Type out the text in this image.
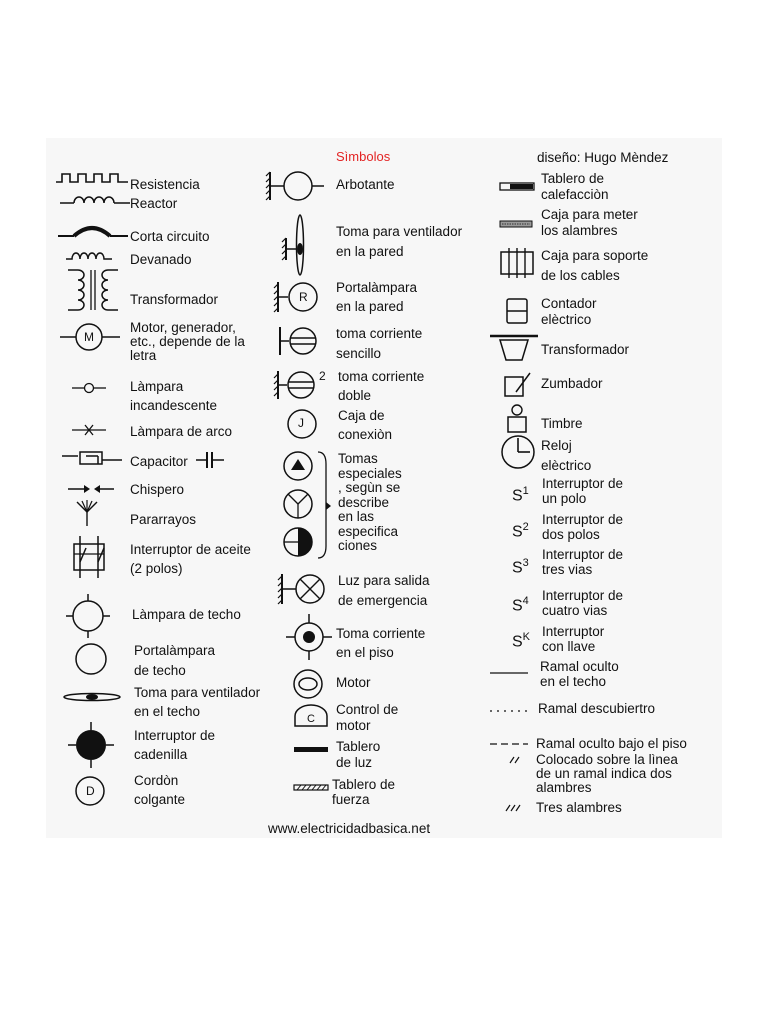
Sìmbolos	diseño: Hugo Mèndez
Resistencia
Reactor
Corta circuito
Devanado
Transformador
M
Motor, generador,
etc., depende de la
letra
Làmpara
incandescente
Làmpara de arco
Capacitor
Chispero
Pararrayos
Interruptor de aceite
(2 polos)
Làmpara de techo
Portalàmpara
de techo
Toma para ventilador
en el techo
Interruptor de
cadenilla
D
Cordòn
colgante
Arbotante
Toma para ventilador
en la pared
R
Portalàmpara
en la pared
toma corriente
sencillo
2 toma corriente
doble
J	Caja de
conexiòn
Tomas
especiales
, segùn se
describe
en las
especifica
ciones
Luz para salida
de emergencia
Toma corriente
en el piso
Motor
C
Control de
motor
Tablero
de luz
Tablero de
fuerza
Tablero de
calefacciòn
Caja para meter
los alambres
Caja para soporte
de los cables
Contador
elèctrico
Transformador
Zumbador
Timbre
Reloj
elèctrico
$S^1$ Interruptor de
un polo
$S^2$ Interruptor de
dos polos
$S^3$
Interruptor de
tres vias
$S^4$ Interruptor de
cuatro vias
$S^K$ Interruptor
con llave
Ramal oculto
en el techo
Ramal descubiertro
Ramal oculto bajo el piso
Colocado sobre la lìnea
de un ramal indica dos
alambres
Tres alambres
www.electricidadbasica.net
